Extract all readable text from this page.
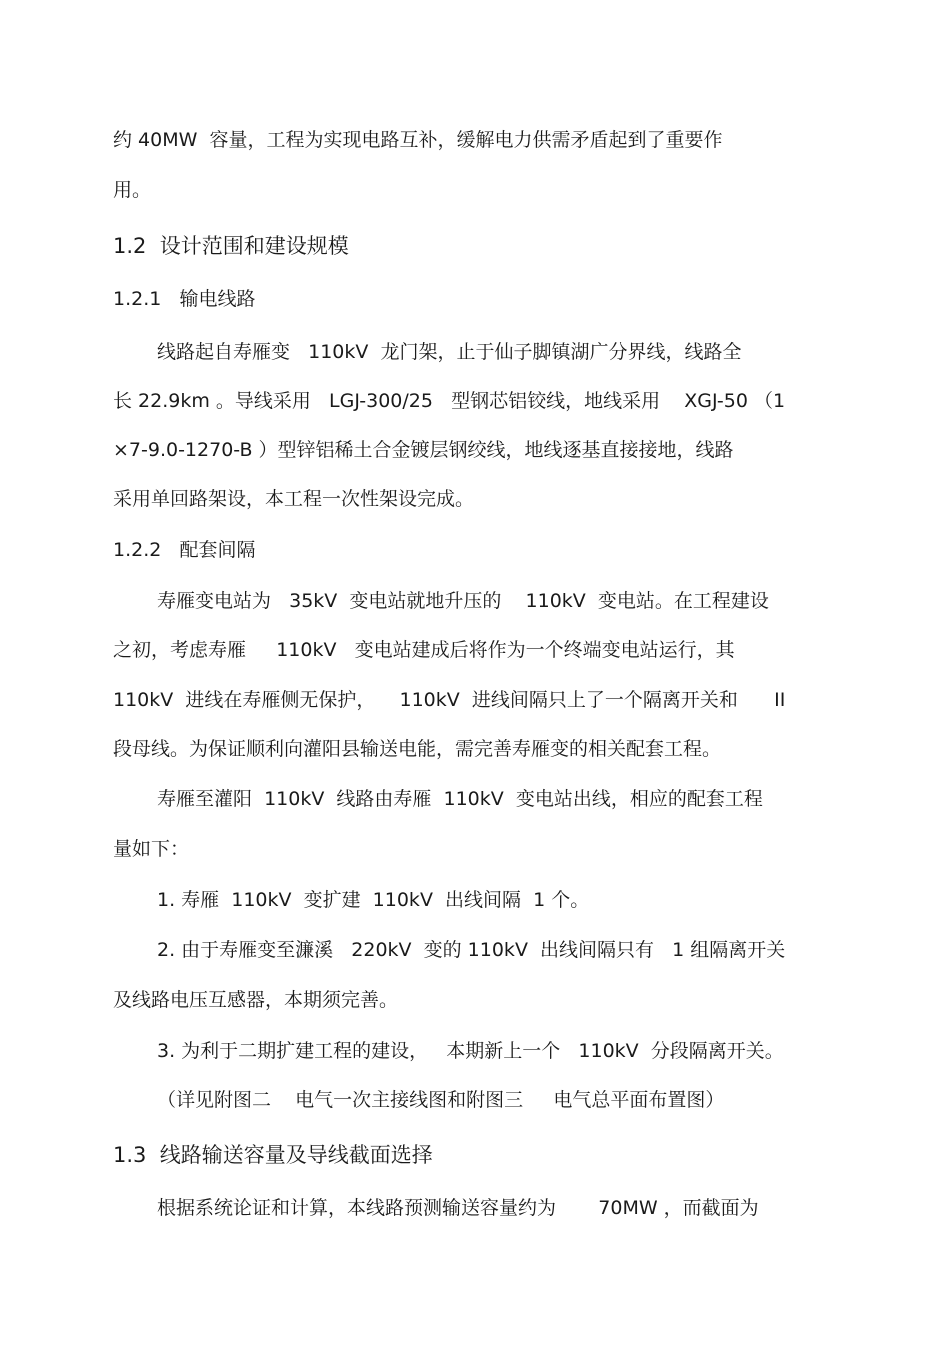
约 40MW  容量，工程为实现电路互补，缓解电力供需矛盾起到了重要作
用。
1.2  设计范围和建设规模
1.2.1   输电线路
线路起自寿雁变   110kV  龙门架，止于仙子脚镇湖广分界线，线路全
长 22.9km 。导线采用   LGJ-300/25   型钢芯铝铰线，地线采用    XGJ-50 （1
×7-9.0-1270-B ）型锌铝稀土合金镀层钢绞线，地线逐基直接接地，线路
采用单回路架设，本工程一次性架设完成。
1.2.2   配套间隔
寿雁变电站为   35kV  变电站就地升压的    110kV  变电站。在工程建设
之初，考虑寿雁     110kV   变电站建成后将作为一个终端变电站运行，其
110kV  进线在寿雁侧无保护，    110kV  进线间隔只上了一个隔离开关和      II
段母线。为保证顺利向灌阳县输送电能，需完善寿雁变的相关配套工程。
寿雁至灌阳  110kV  线路由寿雁  110kV  变电站出线，相应的配套工程
量如下：
1. 寿雁  110kV  变扩建  110kV  出线间隔  1 个。
2. 由于寿雁变至濂溪   220kV  变的 110kV  出线间隔只有   1 组隔离开关
及线路电压互感器，本期须完善。
3. 为利于二期扩建工程的建设，   本期新上一个   110kV  分段隔离开关。
（详见附图二    电气一次主接线图和附图三     电气总平面布置图）
1.3  线路输送容量及导线截面选择
根据系统论证和计算，本线路预测输送容量约为       70MW ，而截面为
